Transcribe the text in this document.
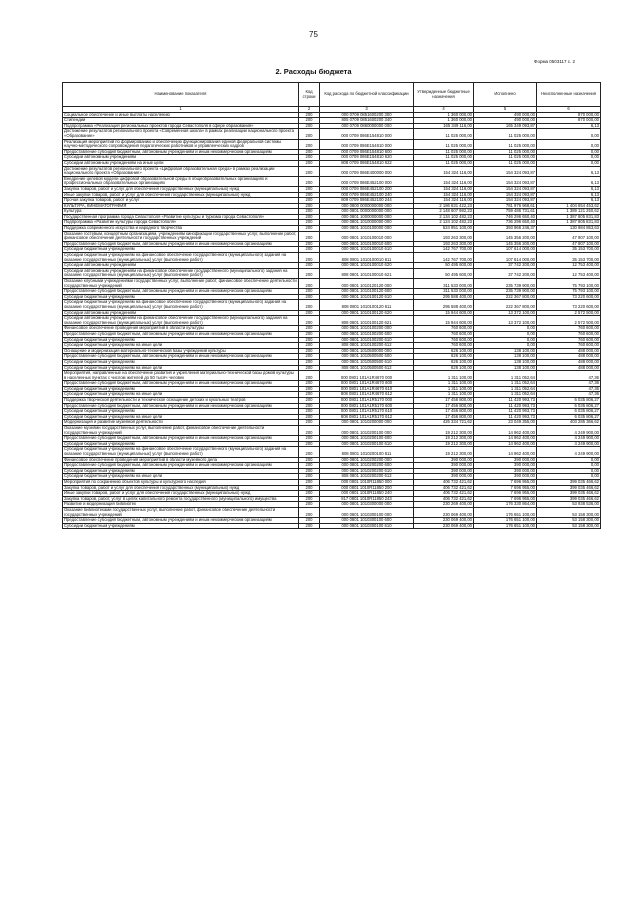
75
Форма 0503117 с. 2
2. Расходы бюджета
Наименование показателя	Код строки	Код расхода по бюджетной классификации	Утвержденные бюджетные назначения	Исполнено	Неисполненные назначения
1	2	3	4	5	6
Социальное обеспечение и иные выплаты населению	200	000 0709 0851600200 300	1 360 000,00	490 000,00	870 000,00
Стипендии	200	805 0709 0851600200 340	1 360 000,00	490 000,00	870 000,00
Подпрограмма «Реализация региональных проектов города Севастополя в сфере образования»	200	000 0709 0860000000 000	165 349 116,00	165 349 093,87	6,13
Достижение результатов регионального проекта «Современная школа» в рамках реализации национального проекта «Образование»	200	000 0709 086E154810 000	11 025 000,00	11 025 000,00	0,00
Реализация мероприятий по формированию и обеспечению функционирования единой федеральной системы научно-методического сопровождения педагогических работников и управленческих кадров	200	000 0709 086E154810 000	11 025 000,00	11 025 000,00	0,00
Предоставление субсидий бюджетным, автономным учреждениям и иным некоммерческим организациям	200	000 0709 086E154810 600	11 025 000,00	11 025 000,00	0,00
Субсидии автономным учреждениям	200	000 0709 086E154810 620	11 025 000,00	11 025 000,00	0,00
Субсидии автономным учреждениям на иные цели	200	808 0709 086E154810 622	11 025 000,00	11 025 000,00	0,00
Достижение результатов регионального проекта «Цифровая образовательная среда» в рамках реализации национального проекта «Образование»	200	000 0709 086E400000 000	154 324 116,00	154 324 093,87	6,13
Внедрение целевой модели цифровой образовательной среды в общеобразовательных организациях и профессиональных образовательных организациях	200	000 0709 086E452100 000	154 324 116,00	154 324 093,87	6,13
Закупка товаров, работ и услуг для обеспечения государственных (муниципальных) нужд	200	000 0709 086E452100 200	154 324 116,00	154 324 093,87	6,13
Иные закупки товаров, работ и услуг для обеспечения государственных (муниципальных) нужд	200	000 0709 086E452100 240	154 324 116,00	154 324 093,87	6,13
Прочая закупка товаров, работ и услуг	200	809 0709 086E452100 244	154 324 116,00	154 324 093,87	6,13
КУЛЬТУРА, КИНЕМАТОГРАФИЯ	200	000 0800 0000000000 000	2 186 631 422,23	781 976 968,61	1 404 654 453,62
Культура	200	000 0801 0000000000 000	2 148 607 982,23	759 486 731,61	1 389 121 250,62
Государственная программа города Севастополя «Развитие культуры и туризма города Севастополя»	200	000 0801 1000000000 000	2 134 102 482,23	746 296 650,40	1 387 805 831,83
Подпрограмма «Развитие культуры города Севастополя»	200	000 0801 1010000000 000	2 124 102 482,23	736 296 650,40	1 387 805 831,83
Поддержка современного искусства и народного творчества	200	000 0801 1010100000 000	524 951 100,00	393 966 246,37	130 984 853,63
Оказание гостевым, концертным организациям, учреждениям кинофикации государственных услуг, выполнение работ, финансовое обеспечение деятельности государственных учреждений	200	000 0801 1010100010 000	193 263 300,00	145 356 200,00	47 907 100,00
Предоставление субсидий бюджетным, автономным учреждениям и иным некоммерческим организациям	200	000 0801 1010100010 600	193 263 300,00	145 356 200,00	47 907 100,00
Субсидии бюджетным учреждениям	200	000 0801 1010100010 610	142 767 700,00	107 614 000,00	35 153 700,00
Субсидии бюджетным учреждениям на финансовое обеспечение государственного (муниципального) задания на оказание государственных (муниципальных) услуг (выполнение работ)	200	808 0801 1010100010 611	142 767 700,00	107 614 000,00	35 153 700,00
Субсидии автономным учреждениям	200	000 0801 1010100010 620	50 495 600,00	37 742 200,00	12 753 400,00
Субсидии автономным учреждениям на финансовое обеспечение государственного (муниципального) задания на оказание государственных (муниципальных) услуг (выполнение работ)	200	808 0801 1010100010 621	50 495 600,00	37 742 200,00	12 753 400,00
Оказание клубными учреждениями государственных услуг, выполнение работ, финансовое обеспечение деятельности государственных учреждений	200	000 0801 1010120120 000	311 533 000,00	235 739 900,00	75 793 100,00
Предоставление субсидий бюджетным, автономным учреждениям и иным некоммерческим организациям	200	000 0801 1010100120 600	311 533 000,00	235 739 900,00	75 793 100,00
Субсидии бюджетным учреждениям	200	000 0801 1010100120 610	295 588 400,00	222 367 800,00	73 220 600,00
Субсидии бюджетным учреждениям на финансовое обеспечение государственного (муниципального) задания на оказание государственных (муниципальных) услуг (выполнение работ)	200	808 0801 1010100120 611	295 588 400,00	222 367 800,00	73 220 600,00
Субсидии автономным учреждениям	200	000 0801 1010100120 620	15 944 600,00	13 372 100,00	2 572 500,00
Субсидии автономным учреждениям на финансовое обеспечение государственного (муниципального) задания на оказание государственных (муниципальных) услуг (выполнение работ)	200	808 0801 1010100120 621	15 944 600,00	13 372 100,00	2 572 500,00
Финансовое обеспечение проведения мероприятий в области культуры	200	000 0801 1010100200 000	760 600,00	0,00	760 600,00
Предоставление субсидий бюджетным, автономным учреждениям и иным некоммерческим организациям	200	000 0801 1010100200 600	760 600,00	0,00	760 600,00
Субсидии бюджетным учреждениям	200	000 0801 1010100200 610	760 600,00	0,00	760 600,00
Субсидии бюджетным учреждениям на иные цели	200	808 0801 1010100200 612	760 600,00	0,00	760 600,00
Оснащение и модернизация материально-технической базы учреждений культуры	200	000 0801 1010500000 000	626 100,00	138 100,00	488 000,00
Предоставление субсидий бюджетным, автономным учреждениям и иным некоммерческим организациям	200	000 0801 1010500500 600	626 100,00	138 100,00	488 000,00
Субсидии бюджетным учреждениям	200	000 0801 1010500500 610	626 100,00	138 100,00	488 000,00
Субсидии бюджетным учреждениям на иные цели	200	808 0801 1010500500 612	626 100,00	138 100,00	488 000,00
Мероприятия, направленные на обеспечение развития и укрепления материально-технической базы домов культуры в населенных пунктах с числом жителей до 50 тысяч человек	200	000 0801 101A1R4670 000	1 311 100,00	1 311 052,64	47,36
Предоставление субсидий бюджетным, автономным учреждениям и иным некоммерческим организациям	200	000 0801 101A1R4670 600	1 311 100,00	1 311 052,64	47,36
Субсидии бюджетным учреждениям	200	000 0801 101A1R4670 610	1 311 100,00	1 311 052,64	47,36
Субсидии бюджетным учреждениям на иные цели	200	808 0801 101A1R4670 612	1 311 100,00	1 311 052,64	47,36
Поддержка творческой деятельности и техническое оснащение детских и кукольных театров	200	000 0801 101A1R5170 000	17 456 800,00	11 420 993,73	6 035 806,27
Предоставление субсидий бюджетным, автономным учреждениям и иным некоммерческим организациям	200	000 0801 101A1R5170 600	17 456 800,00	11 420 993,73	6 035 806,27
Субсидии бюджетным учреждениям	200	000 0801 101A1R5170 610	17 456 800,00	11 420 993,73	6 035 806,27
Субсидии бюджетным учреждениям на иные цели	200	808 0801 101A1R5170 612	17 456 800,00	11 420 993,73	6 035 806,27
Модернизация и развитие музейной деятельности	200	000 0801 1010200000 000	426 334 721,62	23 049 355,00	403 285 366,62
Оказание музеями государственных услуг, выполнение работ, финансовое обеспечение деятельности государственных учреждений	200	000 0801 1010200100 000	19 212 300,00	14 962 400,00	4 249 900,00
Предоставление субсидий бюджетным, автономным учреждениям и иным некоммерческим организациям	200	000 0801 1010200100 600	19 212 300,00	14 962 400,00	4 249 900,00
Субсидии бюджетным учреждениям	200	000 0801 1010200100 610	19 212 300,00	14 962 400,00	4 249 900,00
Субсидии бюджетным учреждениям на финансовое обеспечение государственного (муниципального) задания на оказание государственных (муниципальных) услуг (выполнение работ)	200	808 0801 1010200100 611	19 212 300,00	14 962 400,00	4 249 900,00
Финансовое обеспечение проведения мероприятий в области музейного дела	200	000 0801 1010200200 000	390 000,00	390 000,00	0,00
Предоставление субсидий бюджетным, автономным учреждениям и иным некоммерческим организациям	200	000 0801 1010200200 600	390 000,00	390 000,00	0,00
Субсидии бюджетным учреждениям	200	000 0801 1010200200 610	390 000,00	390 000,00	0,00
Субсидии бюджетным учреждениям на иные цели	200	808 0801 1010200200 612	390 000,00	390 000,00	0,00
Мероприятия по сохранению объектов культуры и культурного наследия	200	000 0801 1010R11850 000	406 732 421,62	7 696 955,00	399 035 466,62
Закупка товаров, работ и услуг для обеспечения государственных (муниципальных) нужд	200	000 0801 1010R11850 200	406 732 421,62	7 696 955,00	399 035 466,62
Иные закупки товаров, работ и услуг для обеспечения государственных (муниципальных) нужд	200	000 0801 1010R11850 240	406 732 421,62	7 696 955,00	399 035 466,62
Закупка товаров, работ, услуг в целях капитального ремонта государственного (муниципального) имущества	200	817 0801 1010R11850 243	406 732 421,62	7 696 955,00	399 035 466,62
Развитие и модернизация библиотек	200	000 0801 1010300000 000	230 269 400,00	176 330 864,00	53 938 536,00
Оказание библиотеками государственных услуг, выполнение работ, финансовое обеспечение деятельности государственных учреждений	200	000 0801 1010300100 000	230 069 400,00	176 651 100,00	53 158 300,00
Предоставление субсидий бюджетным, автономным учреждениям и иным некоммерческим организациям	200	000 0801 1010300100 600	230 069 400,00	176 651 100,00	53 158 300,00
Субсидии бюджетным учреждениям	200	000 0801 1010300100 610	230 069 400,00	176 651 100,00	53 158 300,00
